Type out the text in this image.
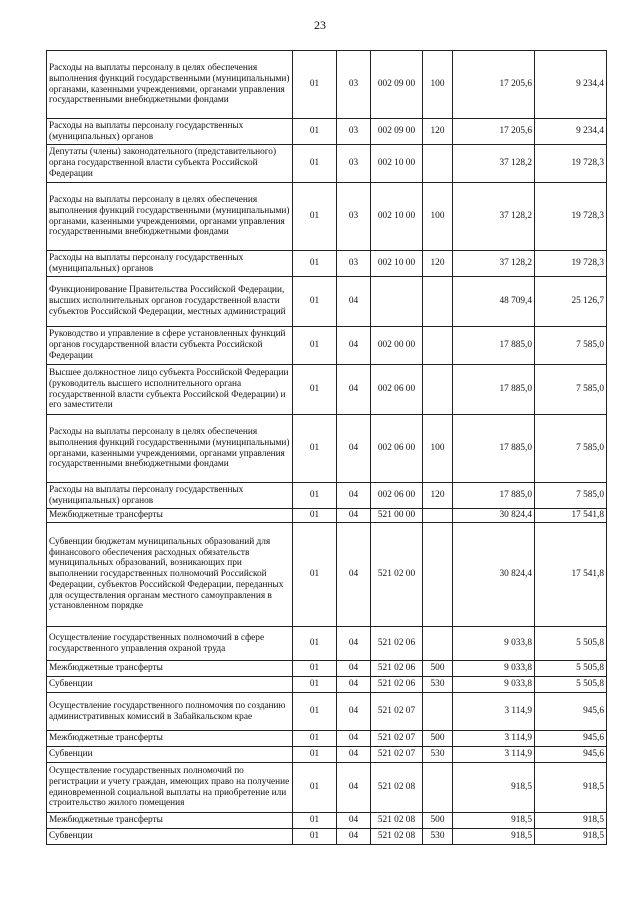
23
Расходы на выплаты персоналу в целях обеспечения выполнения функций государственными (муниципальными) органами, казенными учреждениями, органами управления государственными внебюджетными фондами	01	03	002 09 00	100	17 205,6	9 234,4
Расходы на выплаты персоналу государственных (муниципальных) органов	01	03	002 09 00	120	17 205,6	9 234,4
Депутаты (члены) законодательного (представительного) органа государственной власти субъекта Российской Федерации	01	03	002 10 00		37 128,2	19 728,3
Расходы на выплаты персоналу в целях обеспечения выполнения функций государственными (муниципальными) органами, казенными учреждениями, органами управления государственными внебюджетными фондами	01	03	002 10 00	100	37 128,2	19 728,3
Расходы на выплаты персоналу государственных (муниципальных) органов	01	03	002 10 00	120	37 128,2	19 728,3
Функционирование Правительства Российской Федерации, высших исполнительных органов государственной власти субъектов Российской Федерации, местных администраций	01	04			48 709,4	25 126,7
Руководство и управление в сфере установленных функций органов государственной власти субъекта Российской Федерации	01	04	002 00 00		17 885,0	7 585,0
Высшее должностное лицо субъекта Российской Федерации (руководитель высшего исполнительного органа государственной власти субъекта Российской Федерации) и его заместители	01	04	002 06 00		17 885,0	7 585,0
Расходы на выплаты персоналу в целях обеспечения выполнения функций государственными (муниципальными) органами, казенными учреждениями, органами управления государственными внебюджетными фондами	01	04	002 06 00	100	17 885,0	7 585,0
Расходы на выплаты персоналу государственных (муниципальных) органов	01	04	002 06 00	120	17 885,0	7 585,0
Межбюджетные трансферты	01	04	521 00 00		30 824,4	17 541,8
Субвенции бюджетам муниципальных образований для финансового обеспечения расходных обязательств муниципальных образований, возникающих при выполнении государственных полномочий Российской Федерации, субъектов Российской Федерации, переданных для осуществления органам местного самоуправления в установленном порядке	01	04	521 02 00		30 824,4	17 541,8
Осуществление государственных полномочий в сфере государственного управления охраной труда	01	04	521 02 06		9 033,8	5 505,8
Межбюджетные трансферты	01	04	521 02 06	500	9 033,8	5 505,8
Субвенции	01	04	521 02 06	530	9 033,8	5 505,8
Осуществление государственного полномочия по созданию административных комиссий в Забайкальском крае	01	04	521 02 07		3 114,9	945,6
Межбюджетные трансферты	01	04	521 02 07	500	3 114,9	945,6
Субвенции	01	04	521 02 07	530	3 114,9	945,6
Осуществление государственных полномочий по регистрации и учету граждан, имеющих право на получение единовременной социальной выплаты на приобретение или строительство жилого помещения	01	04	521 02 08		918,5	918,5
Межбюджетные трансферты	01	04	521 02 08	500	918,5	918,5
Субвенции	01	04	521 02 08	530	918,5	918,5
